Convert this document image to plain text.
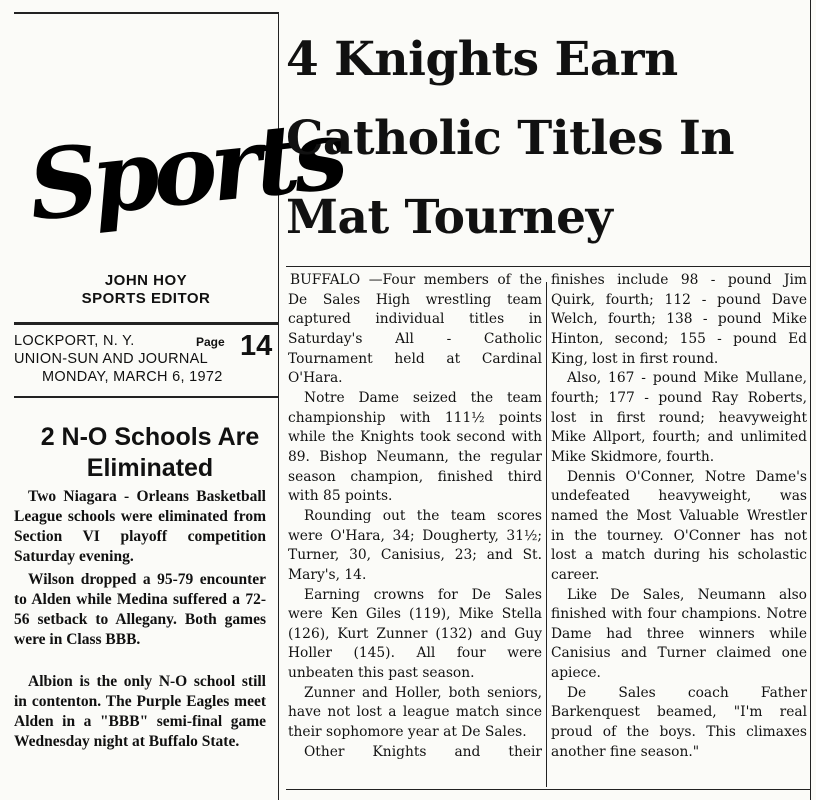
Sports
JOHN HOY
SPORTS EDITOR
LOCKPORT, N. Y.	Page 14
UNION-SUN AND JOURNAL
MONDAY, MARCH 6, 1972
2 N-O Schools Are Eliminated

Two Niagara - Orleans Basketball League schools were eliminated from Section VI playoff competition Saturday evening.

Wilson dropped a 95-79 encounter to Alden while Medina suffered a 72-56 setback to Allegany. Both games were in Class BBB.

Albion is the only N-O school still in contenton. The Purple Eagles meet Alden in a "BBB" semi-final game Wednesday night at Buffalo State.

4 Knights Earn Catholic Titles In Mat Tourney

BUFFALO —Four members of the De Sales High wrestling team captured individual titles in Saturday's All - Catholic Tournament held at Cardinal O'Hara.

Notre Dame seized the team championship with 111½ points while the Knights took second with 89. Bishop Neumann, the regular season champion, finished third with 85 points.

Rounding out the team scores were O'Hara, 34; Dougherty, 31½; Turner, 30, Canisius, 23; and St. Mary's, 14.

Earning crowns for De Sales were Ken Giles (119), Mike Stella (126), Kurt Zunner (132) and Guy Holler (145). All four were unbeaten this past season.

Zunner and Holler, both seniors, have not lost a league match since their sophomore year at De Sales.

Other Knights and their

finishes include 98 - pound Jim Quirk, fourth; 112 - pound Dave Welch, fourth; 138 - pound Mike Hinton, second; 155 - pound Ed King, lost in first round.

Also, 167 - pound Mike Mullane, fourth; 177 - pound Ray Roberts, lost in first round; heavyweight Mike Allport, fourth; and unlimited Mike Skidmore, fourth.

Dennis O'Conner, Notre Dame's undefeated heavyweight, was named the Most Valuable Wrestler in the tourney. O'Conner has not lost a match during his scholastic career.

Like De Sales, Neumann also finished with four champions. Notre Dame had three winners while Canisius and Turner claimed one apiece.

De Sales coach Father Barkenquest beamed, "I'm real proud of the boys. This climaxes another fine season."
